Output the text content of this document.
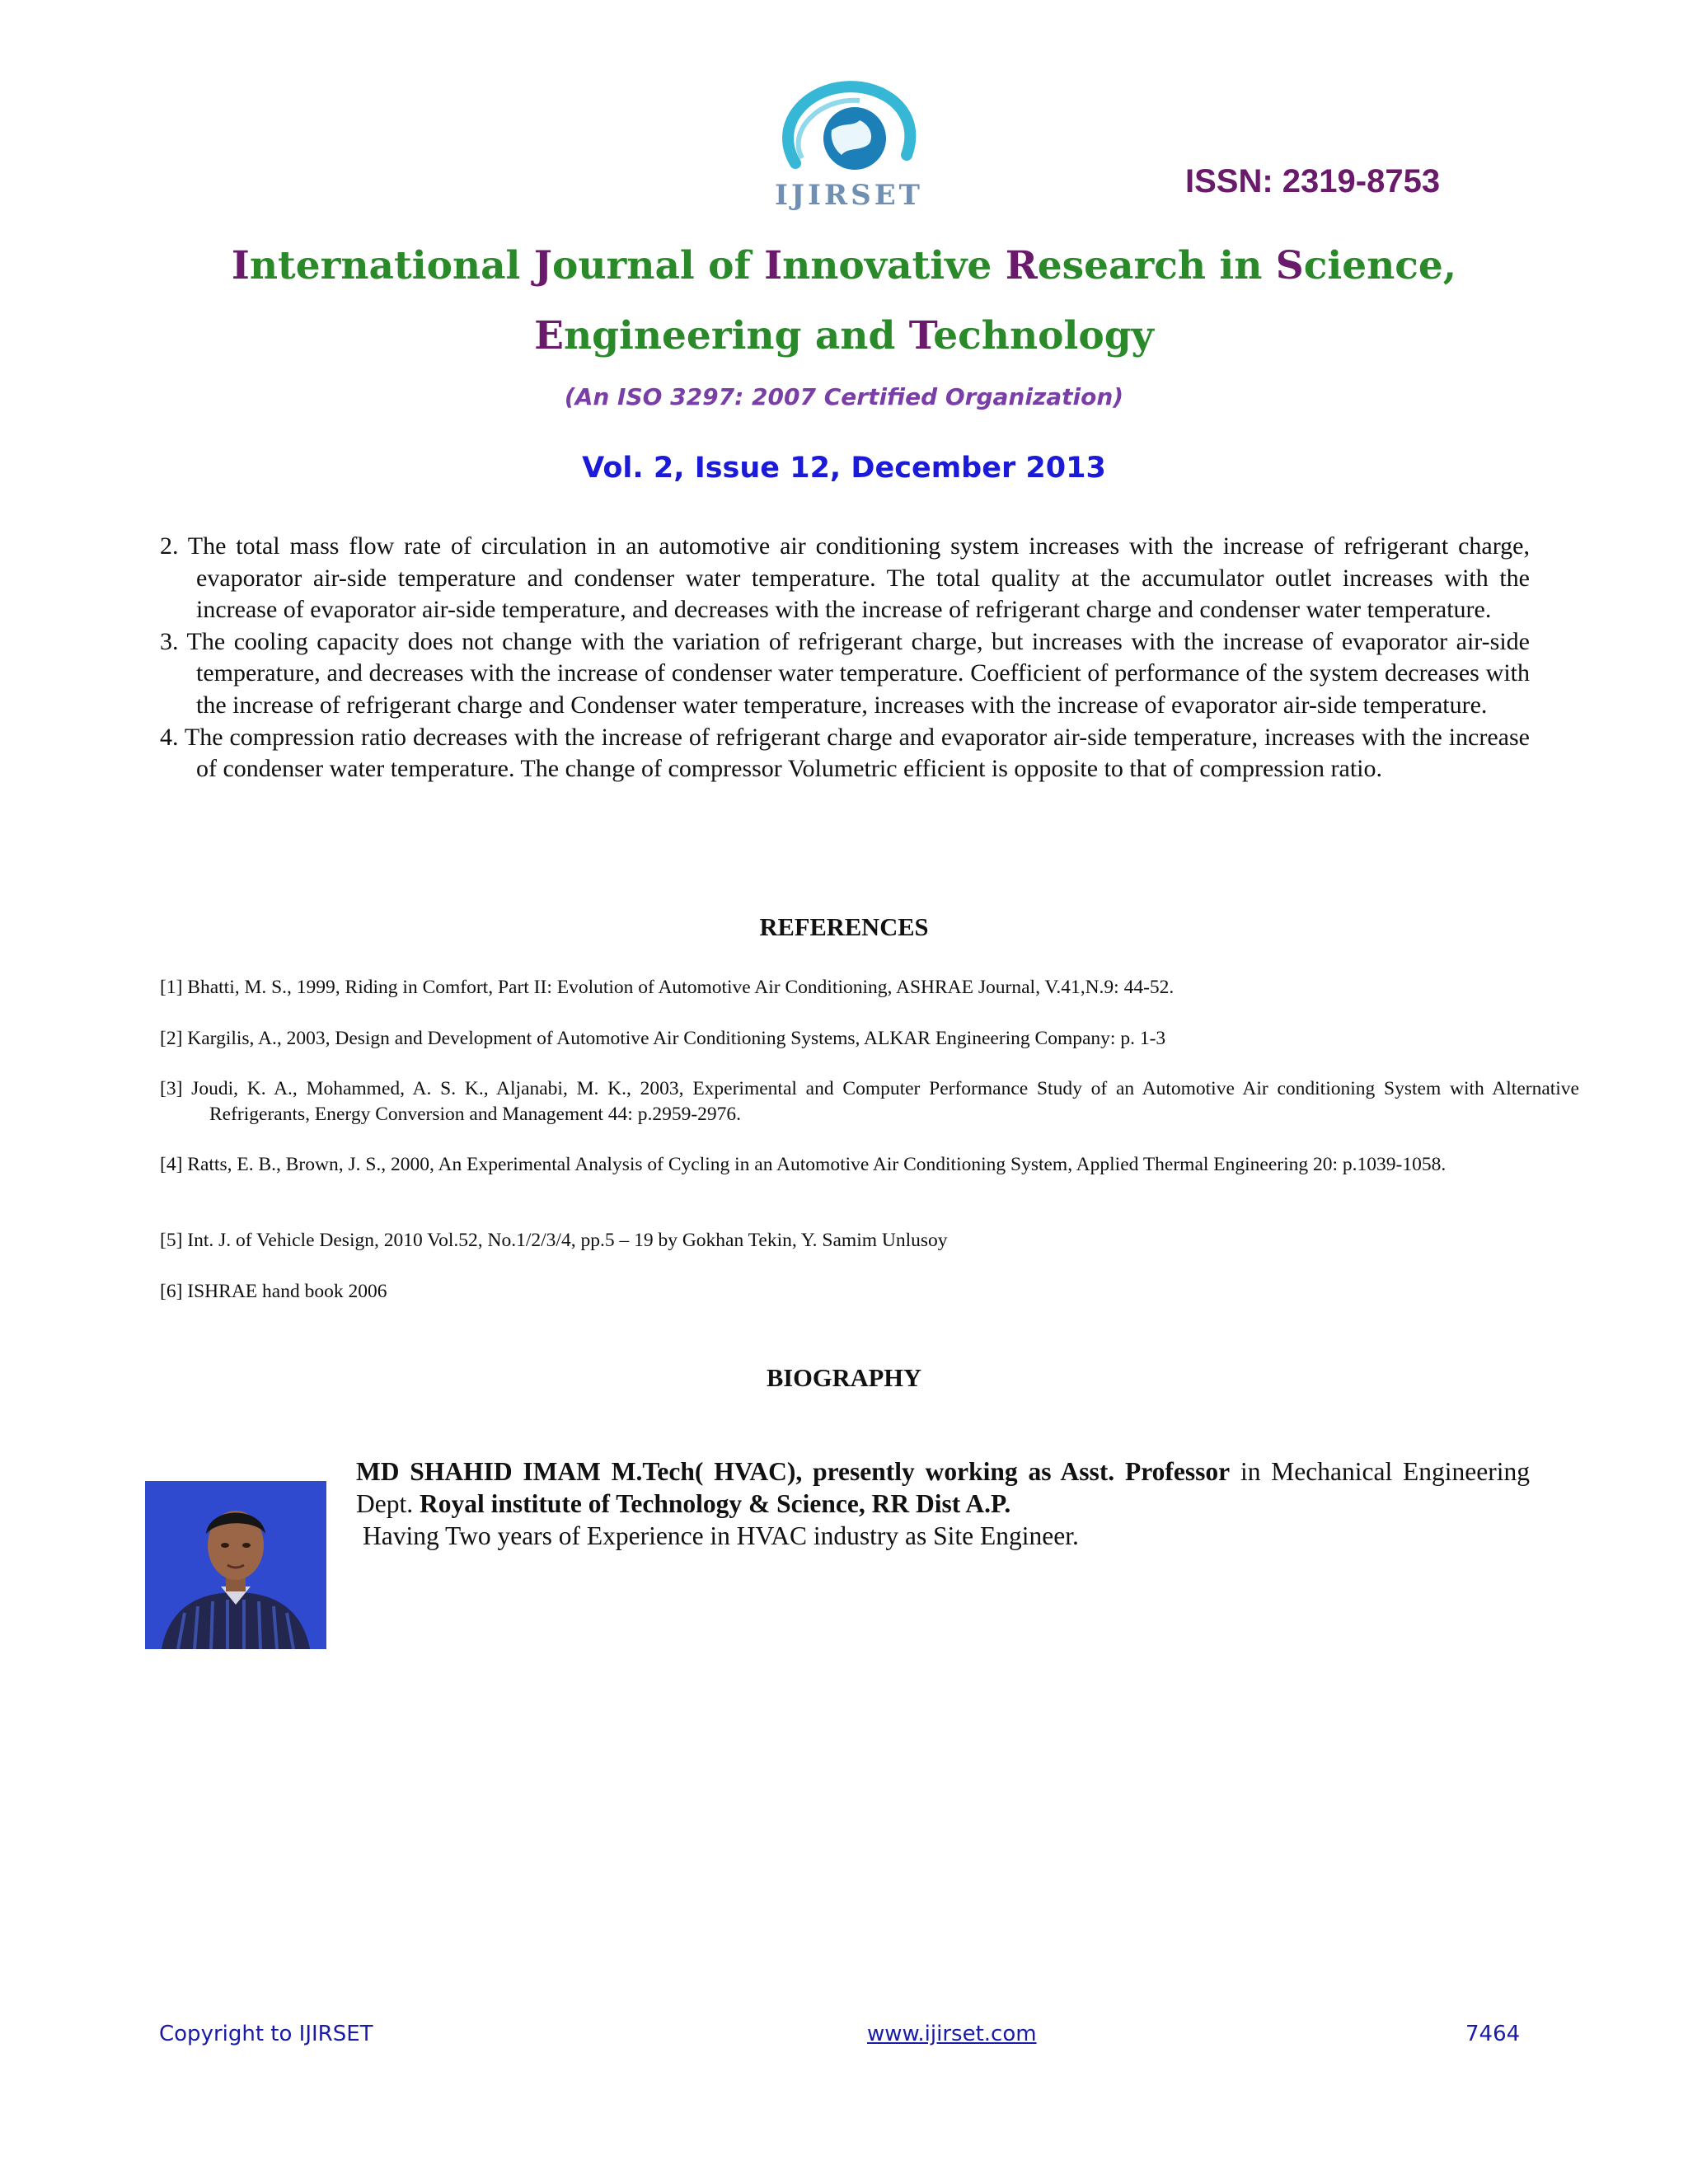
IJIRSET	ISSN: 2319-8753
International Journal of Innovative Research in Science,
Engineering and Technology
(An ISO 3297: 2007 Certified Organization)
Vol. 2, Issue 12, December 2013
2. The total mass flow rate of circulation in an automotive air conditioning system increases with the increase of refrigerant charge, evaporator air-side temperature and condenser water temperature. The total quality at the accumulator outlet increases with the increase of evaporator air-side temperature, and decreases with the increase of refrigerant charge and condenser water temperature.
3. The cooling capacity does not change with the variation of refrigerant charge, but increases with the increase of evaporator air-side temperature, and decreases with the increase of condenser water temperature. Coefficient of performance of the system decreases with the increase of refrigerant charge and Condenser water temperature, increases with the increase of evaporator air-side temperature.
4. The compression ratio decreases with the increase of refrigerant charge and evaporator air-side temperature, increases with the increase of condenser water temperature. The change of compressor Volumetric efficient is opposite to that of compression ratio.
REFERENCES
[1] Bhatti, M. S., 1999, Riding in Comfort, Part II: Evolution of Automotive Air Conditioning, ASHRAE Journal, V.41,N.9: 44-52.
[2] Kargilis, A., 2003, Design and Development of Automotive Air Conditioning Systems, ALKAR Engineering Company: p. 1-3
[3] Joudi, K. A., Mohammed, A. S. K., Aljanabi, M. K., 2003, Experimental and Computer Performance Study of an Automotive Air conditioning System with Alternative Refrigerants, Energy Conversion and Management 44: p.2959-2976.
[4] Ratts, E. B., Brown, J. S., 2000, An Experimental Analysis of Cycling in an Automotive Air Conditioning System, Applied Thermal Engineering 20: p.1039-1058.
[5] Int. J. of Vehicle Design, 2010 Vol.52, No.1/2/3/4, pp.5 – 19 by Gokhan Tekin, Y. Samim Unlusoy
[6] ISHRAE hand book 2006
BIOGRAPHY
MD SHAHID IMAM M.Tech( HVAC), presently working as Asst. Professor in Mechanical Engineering Dept. Royal institute of Technology & Science, RR Dist A.P.
Having Two years of Experience in HVAC industry as Site Engineer.
Copyright to IJIRSET	www.ijirset.com	7464
